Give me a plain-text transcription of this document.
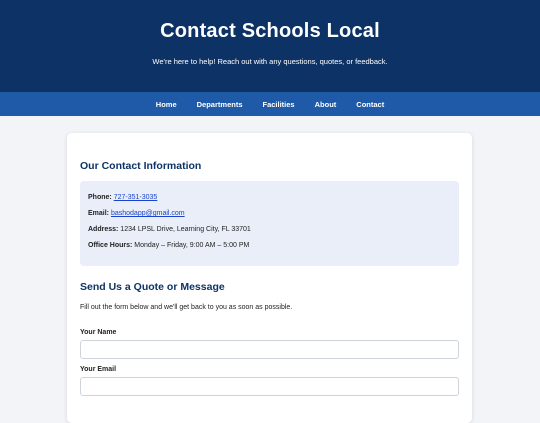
Contact Schools Local

We're here to help! Reach out with any questions, quotes, or feedback.

Home	Departments	Facilities	About	Contact
Our Contact Information

Phone: 727-351-3035

Email: bashodapp@gmail.com

Address: 1234 LPSL Drive, Learning City, FL 33701

Office Hours: Monday – Friday, 9:00 AM – 5:00 PM

Send Us a Quote or Message

Fill out the form below and we'll get back to you as soon as possible.

Your Name
Your Email
